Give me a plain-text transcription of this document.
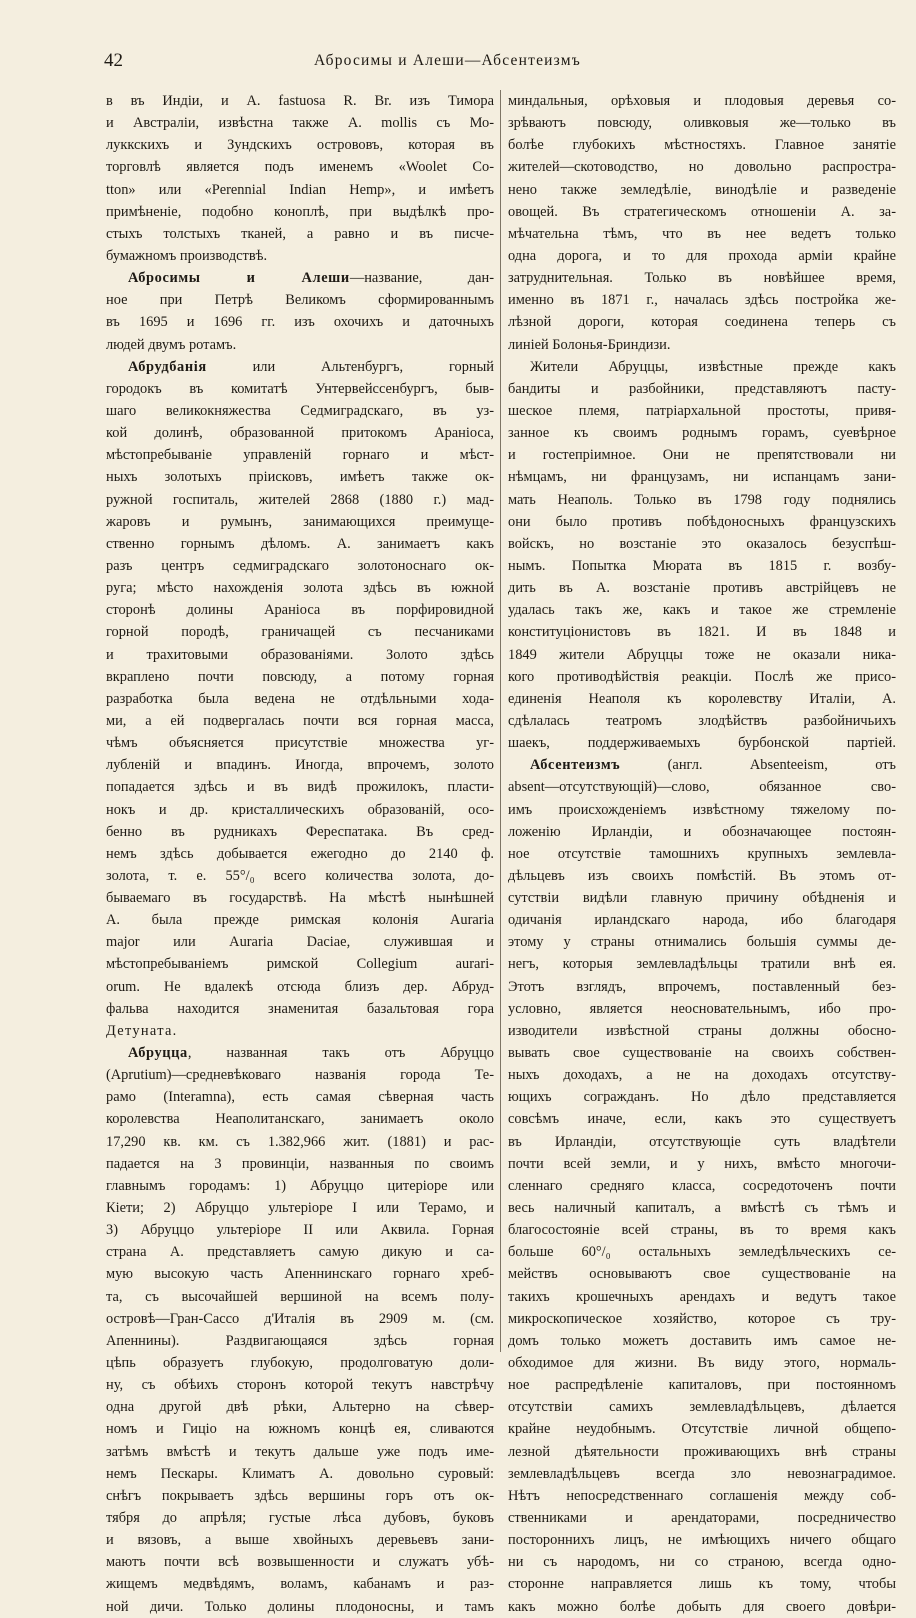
42	Абросимы и Алеши—Абсентеизмъ
в въ Индіи, и A. fastuosa R. Br. изъ Тимора
и Австраліи, извѣстна также A. mollis съ Мо-
луккскихъ и Зундскихъ острововъ, которая въ
торговлѣ является подъ именемъ «Woolet Co-
tton» или «Perennial Indian Hemp», и имѣетъ
примѣненіе, подобно коноплѣ, при выдѣлкѣ про-
стыхъ толстыхъ тканей, а равно и въ писче-
бумажномъ производствѣ.
Абросимы и Алеши—название, дан-
ное при Петрѣ Великомъ сформированнымъ
въ 1695 и 1696 гг. изъ охочихъ и даточныхъ
людей двумъ ротамъ.
Абрудбанія или Альтенбургъ, горный
городокъ въ комитатѣ Унтервейссенбургъ, быв-
шаго великокняжества Седмиградскаго, въ уз-
кой долинѣ, образованной притокомъ Араніоса,
мѣстопребываніе управленій горнаго и мѣст-
ныхъ золотыхъ пріисковъ, имѣетъ также ок-
ружной госпиталь, жителей 2868 (1880 г.) мад-
жаровъ и румынъ, занимающихся преимуще-
ственно горнымъ дѣломъ. А. занимаетъ какъ
разъ центръ седмиградскаго золотоноснаго ок-
руга; мѣсто нахожденія золота здѣсь въ южной
сторонѣ долины Араніоса въ порфировидной
горной породѣ, граничащей съ песчаниками
и трахитовыми образованіями. Золото здѣсь
вкраплено почти повсюду, а потому горная
разработка была ведена не отдѣльными хода-
ми, а ей подвергалась почти вся горная масса,
чѣмъ объясняется присутствіе множества уг-
лубленій и впадинъ. Иногда, впрочемъ, золото
попадается здѣсь и въ видѣ прожилокъ, пласти-
нокъ и др. кристаллическихъ образованій, осо-
бенно въ рудникахъ Фереспатака. Въ сред-
немъ здѣсь добывается ежегодно до 2140 ф.
золота, т. е. 55°/₀ всего количества золота, до-
бываемаго въ государствѣ. На мѣстѣ нынѣшней
А. была прежде римская колонія Auraria
major или Auraria Daciae, служившая и
мѣстопребываніемъ римской Collegium aurari-
orum. Не вдалекѣ отсюда близъ дер. Абруд-
фальва находится знаменитая базальтовая гора
Детуната.
Абруцца, названная такъ отъ Абруццо
(Aprutium)—средневѣковаго названія города Те-
рамо (Interamna), есть самая сѣверная часть
королевства Неаполитанскаго, занимаетъ около
17,290 кв. км. съ 1.382,966 жит. (1881) и рас-
падается на 3 провинціи, названныя по своимъ
главнымъ городамъ: 1) Абруццо цитеріоре или
Кіети; 2) Абруццо ультеріоре I или Терамо, и
3) Абруццо ультеріоре II или Аквила. Горная
страна А. представляетъ самую дикую и са-
мую высокую часть Апеннинскаго горнаго хреб-
та, съ высочайшей вершиной на всемъ полу-
островѣ—Гран-Сассо д'Италія въ 2909 м. (см.
Апеннины). Раздвигающаяся здѣсь горная
цѣпь образуетъ глубокую, продолговатую доли-
ну, съ обѣихъ сторонъ которой текутъ навстрѣчу
одна другой двѣ рѣки, Альтерно на сѣвер-
номъ и Гиціо на южномъ концѣ ея, сливаются
затѣмъ вмѣстѣ и текутъ дальше уже подъ име-
немъ Пескары. Климатъ А. довольно суровый:
снѣгъ покрываетъ здѣсь вершины горъ отъ ок-
тября до апрѣля; густые лѣса дубовъ, буковъ
и вязовъ, а выше хвойныхъ деревьевъ зани-
маютъ почти всѣ возвышенности и служатъ убѣ-
жищемъ медвѣдямъ, воламъ, кабанамъ и раз-
ной дичи. Только долины плодоносны, и тамъ
миндальныя, орѣховыя и плодовыя деревья со-
зрѣваютъ повсюду, оливковыя же—только въ
болѣе глубокихъ мѣстностяхъ. Главное занятіе
жителей—скотоводство, но довольно распростра-
нено также земледѣліе, винодѣліе и разведеніе
овощей. Въ стратегическомъ отношеніи А. за-
мѣчательна тѣмъ, что въ нее ведетъ только
одна дорога, и то для прохода арміи крайне
затруднительная. Только въ новѣйшее время,
именно въ 1871 г., началась здѣсь постройка же-
лѣзной дороги, которая соединена теперь съ
линіей Болонья-Бриндизи.
Жители Абруццы, извѣстные прежде какъ
бандиты и разбойники, представляютъ пасту-
шеское племя, патріархальной простоты, привя-
занное къ своимъ роднымъ горамъ, суевѣрное
и гостепріимное. Они не препятствовали ни
нѣмцамъ, ни французамъ, ни испанцамъ зани-
мать Неаполь. Только въ 1798 году поднялись
они было противъ побѣдоносныхъ французскихъ
войскъ, но возстаніе это оказалось безуспѣш-
нымъ. Попытка Мюрата въ 1815 г. возбу-
дить въ А. возстаніе противъ австрійцевъ не
удалась такъ же, какъ и такое же стремленіе
конституціонистовъ въ 1821. И въ 1848 и
1849 жители Абруццы тоже не оказали ника-
кого противодѣйствія реакціи. Послѣ же присо-
единенія Неаполя къ королевству Италіи, А.
сдѣлалась театромъ злодѣйствъ разбойничьихъ
шаекъ, поддерживаемыхъ бурбонской партіей.
Абсентеизмъ (англ. Absenteeism, отъ
absent—отсутствующій)—слово, обязанное сво-
имъ происхожденіемъ извѣстному тяжелому по-
ложенію Ирландіи, и обозначающее постоян-
ное отсутствіе тамошнихъ крупныхъ землевла-
дѣльцевъ изъ своихъ помѣстій. Въ этомъ от-
сутствіи видѣли главную причину обѣдненія и
одичанія ирландскаго народа, ибо благодаря
этому у страны отнимались большія суммы де-
негъ, которыя землевладѣльцы тратили внѣ ея.
Этотъ взглядъ, впрочемъ, поставленный без-
условно, является неосновательнымъ, ибо про-
изводители извѣстной страны должны обосно-
вывать свое существованіе на своихъ собствен-
ныхъ доходахъ, а не на доходахъ отсутству-
ющихъ согражданъ. Но дѣло представляется
совсѣмъ иначе, если, какъ это существуетъ
въ Ирландіи, отсутствующіе суть владѣтели
почти всей земли, и у нихъ, вмѣсто многочи-
сленнаго средняго класса, сосредоточенъ почти
весь наличный капиталъ, а вмѣстѣ съ тѣмъ и
благосостояніе всей страны, въ то время какъ
больше 60°/₀ остальныхъ земледѣльческихъ се-
мействъ основываютъ свое существованіе на
такихъ крошечныхъ арендахъ и ведутъ такое
микроскопическое хозяйство, которое съ тру-
домъ только можетъ доставить имъ самое не-
обходимое для жизни. Въ виду этого, нормаль-
ное распредѣленіе капиталовъ, при постоянномъ
отсутствіи самихъ землевладѣльцевъ, дѣлается
крайне неудобнымъ. Отсутствіе личной общепо-
лезной дѣятельности проживающихъ внѣ страны
землевладѣльцевъ всегда зло невознаградимое.
Нѣтъ непосредственнаго соглашенія между соб-
ственниками и арендаторами, посредничество
постороннихъ лицъ, не имѣющихъ ничего общаго
ни съ народомъ, ни со страною, всегда одно-
сторонне направляется лишь къ тому, чтобы
какъ можно болѣе добыть для своего довѣри-
